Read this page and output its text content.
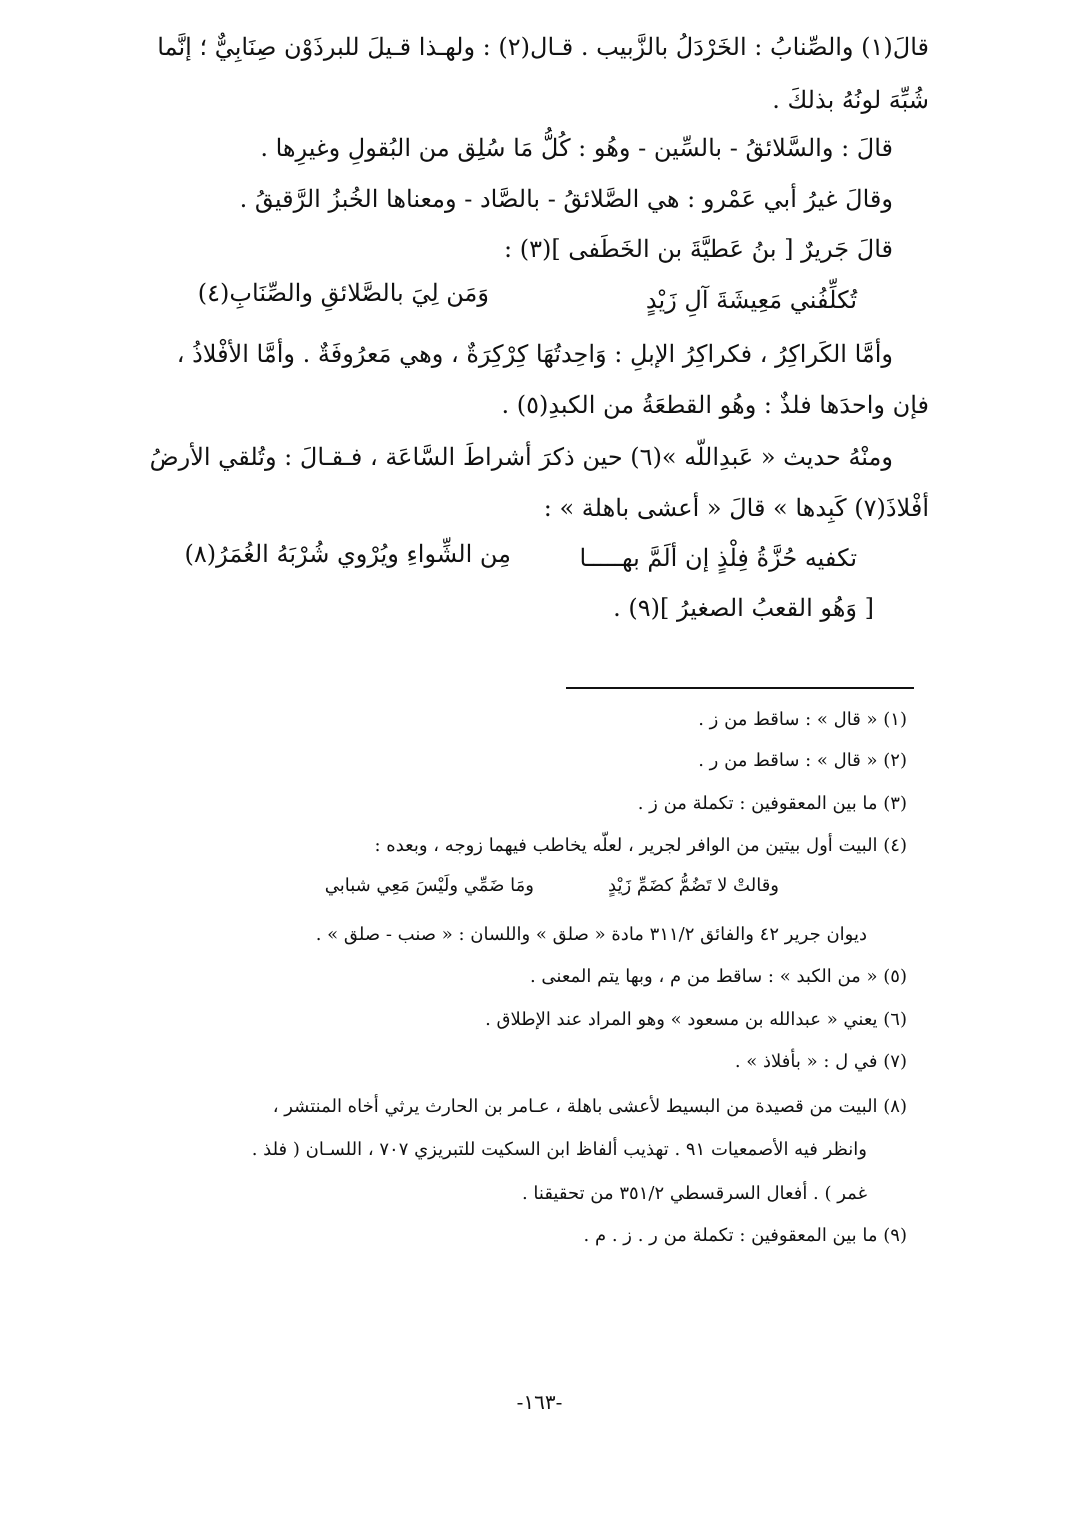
قالَ(١) والصِّنابُ : الخَرْدَلُ بالزَّبيب . قـال(٢) : ولهـذا قـيلَ للبرذَوْن صِنَابِيٌّ ؛ إنَّما
شُبِّهَ لونُهُ بذلكَ .
قالَ : والسَّلائقُ - بالسِّين - وهُو : كُلُّ مَا سُلِق من البُقولِ وغيرِها .
وقالَ غيرُ أبي عَمْرو : هي الصَّلائقُ - بالصَّاد - ومعناها الخُبزُ الرَّقيقُ .
قالَ جَريرٌ [ بنُ عَطيَّةَ بن الخَطَفى ](٣) :
تُكلِّفُني مَعِيشَةَ آلِ زَيْدٍ
وَمَن لِيَ بالصَّلائقِ والصِّنَابِ(٤)
وأمَّا الكَراكِرُ ، فكراكِرُ الإبلِ : وَاحِدتُهَا كِرْكِرَةٌ ، وهي مَعرُوفَةٌ . وأمَّا الأفْلاذُ ،
فإن واحدَها فلذٌ : وهُو القطعَةُ من الكبدِ(٥) .
ومنْهُ حديث « عَبدِاللّه »(٦) حين ذكرَ أشراطَ السَّاعَة ، فـقـالَ : وتُلقي الأرضُ
أفْلاذَ(٧) كَبِدها » قالَ « أعشى باهلة » :
تكفيه حُزَّةُ فِلْذٍ إن ألَمَّ بهـــــا
مِن الشِّواءِ ويُرْوي شُرْبَهُ الغُمَرُ(٨)
[ وَهُو القعبُ الصغيرُ ](٩) .
(١) « قال » : ساقط من ز .
(٢) « قال » : ساقط من ر .
(٣) ما بين المعقوفين : تكملة من ز .
(٤) البيت أول بيتين من الوافر لجرير ، لعلّه يخاطب فيهما زوجه ، وبعده :
وقالتْ لا تَضُمُّ كضَمِّ زَيْدٍ
ومَا ضَمِّي ولَيْسَ مَعِي شبابي
ديوان جرير ٤٢ والفائق ٣١١/٢ مادة « صلق » واللسان : « صنب - صلق » .
(٥) « من الكبد » : ساقط من م ، وبها يتم المعنى .
(٦) يعني « عبدالله بن مسعود » وهو المراد عند الإطلاق .
(٧) في ل : « بأفلاذ » .
(٨) البيت من قصيدة من البسيط لأعشى باهلة ، عـامر بن الحارث يرثي أخاه المنتشر ،
وانظر فيه الأصمعيات ٩١ . تهذيب ألفاظ ابن السكيت للتبريزي ٧٠٧ ، اللسـان ( فلذ .
غمر ) . أفعال السرقسطي ٣٥١/٢ من تحقيقنا .
(٩) ما بين المعقوفين : تكملة من ر . ز . م .
-١٦٣-
